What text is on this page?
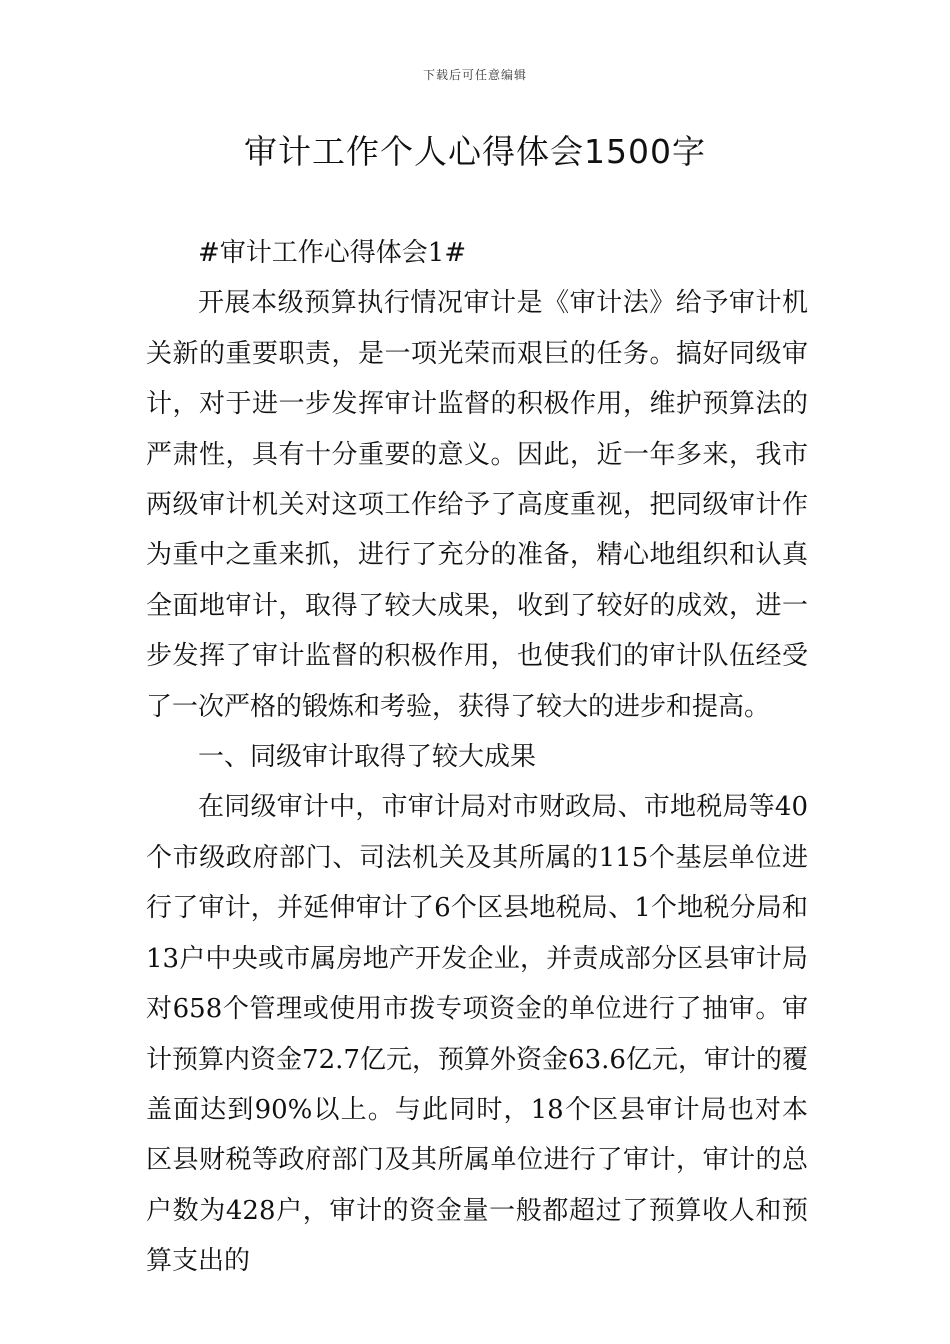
下载后可任意编辑
审计工作个人心得体会1500字

#审计工作心得体会1#

开展本级预算执行情况审计是《审计法》给予审计机关新的重要职责，是一项光荣而艰巨的任务。搞好同级审计，对于进一步发挥审计监督的积极作用，维护预算法的严肃性，具有十分重要的意义。因此，近一年多来，我市两级审计机关对这项工作给予了高度重视，把同级审计作为重中之重来抓，进行了充分的准备，精心地组织和认真全面地审计，取得了较大成果，收到了较好的成效，进一步发挥了审计监督的积极作用，也使我们的审计队伍经受了一次严格的锻炼和考验，获得了较大的进步和提高。

一、同级审计取得了较大成果

在同级审计中，市审计局对市财政局、市地税局等40个市级政府部门、司法机关及其所属的115个基层单位进行了审计，并延伸审计了6个区县地税局、1个地税分局和13户中央或市属房地产开发企业，并责成部分区县审计局对658个管理或使用市拨专项资金的单位进行了抽审。审计预算内资金72.7亿元，预算外资金63.6亿元，审计的覆盖面达到90%以上。与此同时，18个区县审计局也对本区县财税等政府部门及其所属单位进行了审计，审计的总户数为428户，审计的资金量一般都超过了预算收人和预算支出的
